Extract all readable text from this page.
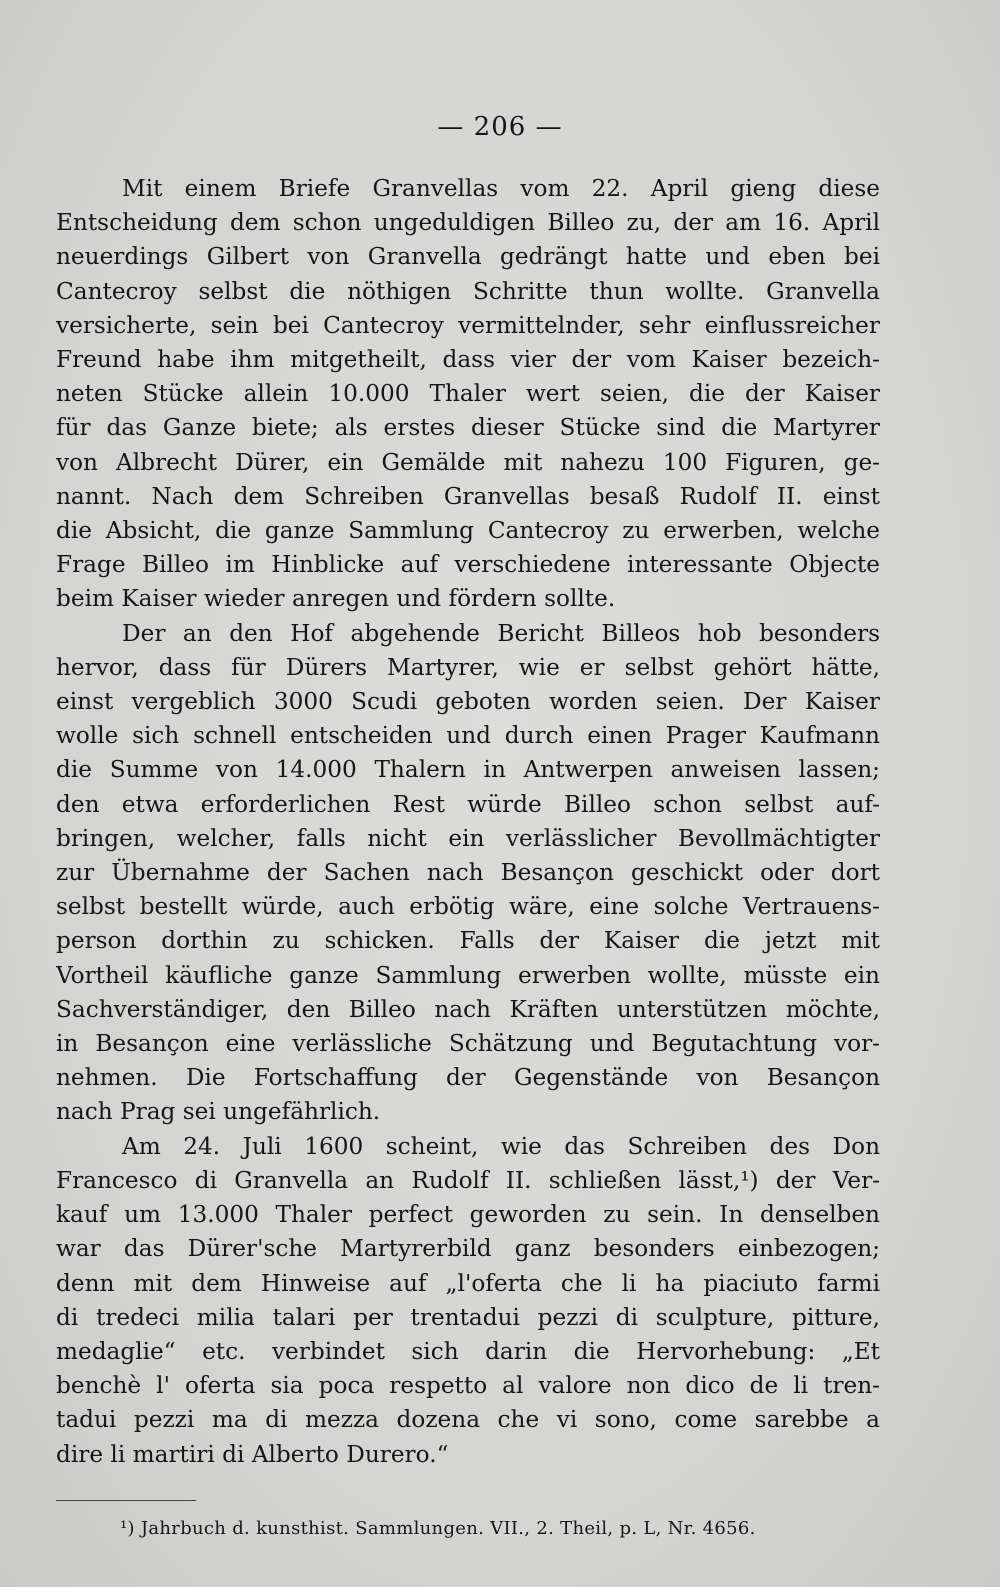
— 206 —
Mit einem Briefe Granvellas vom 22. April gieng diese
Entscheidung dem schon ungeduldigen Billeo zu, der am 16. April
neuerdings Gilbert von Granvella gedrängt hatte und eben bei
Cantecroy selbst die nöthigen Schritte thun wollte. Granvella
versicherte, sein bei Cantecroy vermittelnder, sehr einflussreicher
Freund habe ihm mitgetheilt, dass vier der vom Kaiser bezeich-
neten Stücke allein 10.000 Thaler wert seien, die der Kaiser
für das Ganze biete; als erstes dieser Stücke sind die Martyrer
von Albrecht Dürer, ein Gemälde mit nahezu 100 Figuren, ge-
nannt. Nach dem Schreiben Granvellas besaß Rudolf II. einst
die Absicht, die ganze Sammlung Cantecroy zu erwerben, welche
Frage Billeo im Hinblicke auf verschiedene interessante Objecte
beim Kaiser wieder anregen und fördern sollte.
Der an den Hof abgehende Bericht Billeos hob besonders
hervor, dass für Dürers Martyrer, wie er selbst gehört hätte,
einst vergeblich 3000 Scudi geboten worden seien. Der Kaiser
wolle sich schnell entscheiden und durch einen Prager Kaufmann
die Summe von 14.000 Thalern in Antwerpen anweisen lassen;
den etwa erforderlichen Rest würde Billeo schon selbst auf-
bringen, welcher, falls nicht ein verlässlicher Bevollmächtigter
zur Übernahme der Sachen nach Besançon geschickt oder dort
selbst bestellt würde, auch erbötig wäre, eine solche Vertrauens-
person dorthin zu schicken. Falls der Kaiser die jetzt mit
Vortheil käufliche ganze Sammlung erwerben wollte, müsste ein
Sachverständiger, den Billeo nach Kräften unterstützen möchte,
in Besançon eine verlässliche Schätzung und Begutachtung vor-
nehmen. Die Fortschaffung der Gegenstände von Besançon
nach Prag sei ungefährlich.
Am 24. Juli 1600 scheint, wie das Schreiben des Don
Francesco di Granvella an Rudolf II. schließen lässt,¹) der Ver-
kauf um 13.000 Thaler perfect geworden zu sein. In denselben
war das Dürer'sche Martyrerbild ganz besonders einbezogen;
denn mit dem Hinweise auf „l'oferta che li ha piaciuto farmi
di tredeci milia talari per trentadui pezzi di sculpture, pitture,
medaglie“ etc. verbindet sich darin die Hervorhebung: „Et
benchè l' oferta sia poca respetto al valore non dico de li tren-
tadui pezzi ma di mezza dozena che vi sono, come sarebbe a
dire li martiri di Alberto Durero.“
¹) Jahrbuch d. kunsthist. Sammlungen. VII., 2. Theil, p. L, Nr. 4656.
